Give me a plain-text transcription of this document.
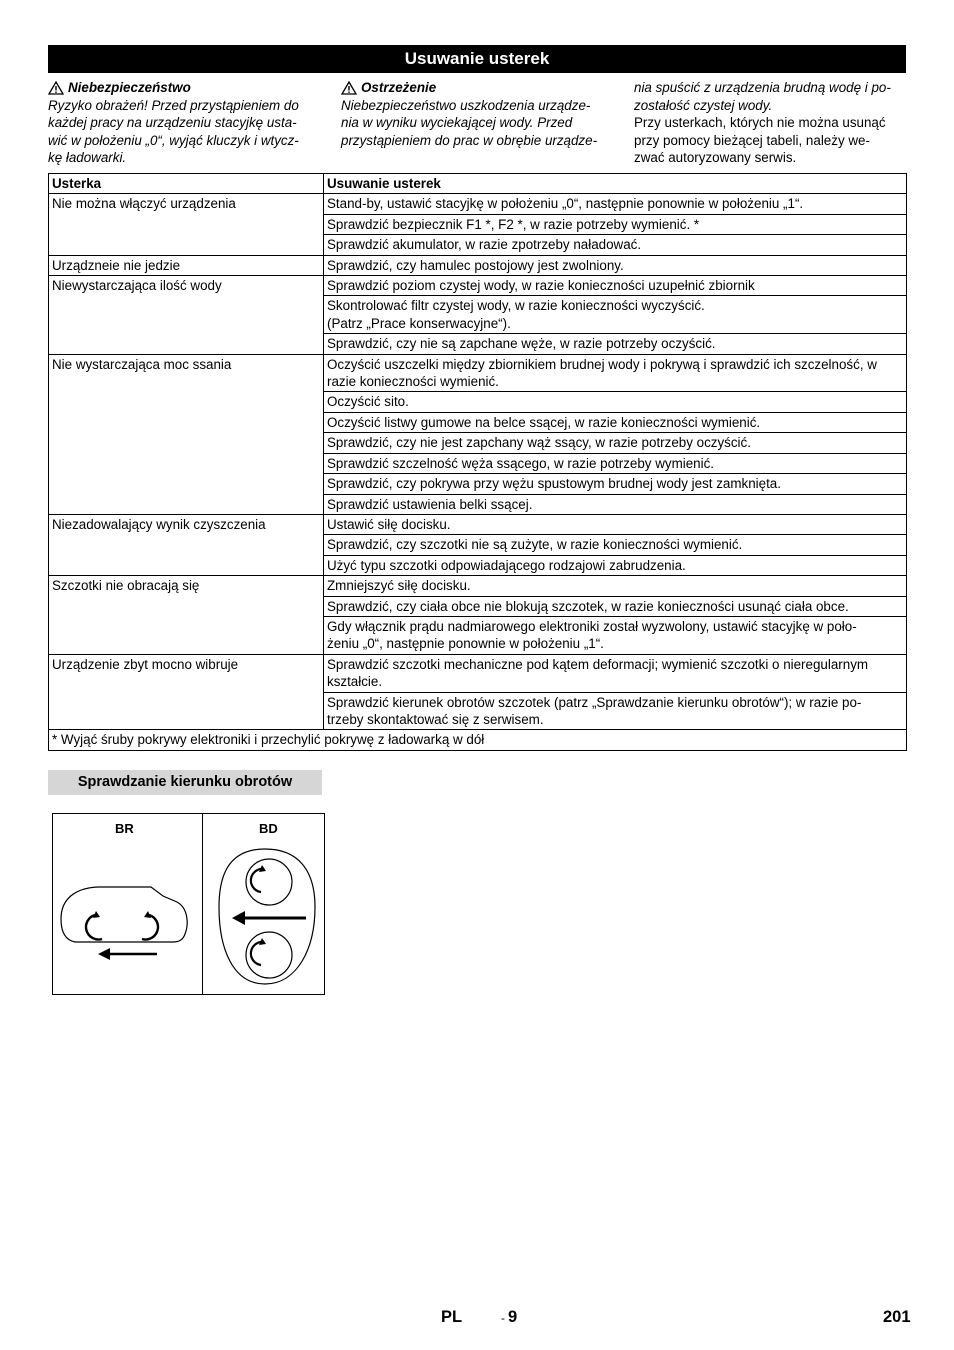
Usuwanie usterek
Niebezpieczeństwo
Ryzyko obrażeń! Przed przystąpieniem do
każdej pracy na urządzeniu stacyjkę usta-
wić w położeniu „0“, wyjąć kluczyk i wtycz-
kę ładowarki.
Ostrzeżenie
Niebezpieczeństwo uszkodzenia urządze-
nia w wyniku wyciekającej wody. Przed
przystąpieniem do prac w obrębie urządze-
nia spuścić z urządzenia brudną wodę i po-
zostałość czystej wody.
Przy usterkach, których nie można usunąć
przy pomocy bieżącej tabeli, należy we-
zwać autoryzowany serwis.
Usterka	Usuwanie usterek
Nie można włączyć urządzenia	Stand-by, ustawić stacyjkę w położeniu „0“, następnie ponownie w położeniu „1“.
	Sprawdzić bezpiecznik F1 *, F2 *, w razie potrzeby wymienić. *
	Sprawdzić akumulator, w razie zpotrzeby naładować.
Urządzneie nie jedzie	Sprawdzić, czy hamulec postojowy jest zwolniony.
Niewystarczająca ilość wody	Sprawdzić poziom czystej wody, w razie konieczności uzupełnić zbiornik
	Skontrolować filtr czystej wody, w razie konieczności wyczyścić.
(Patrz „Prace konserwacyjne“).
	Sprawdzić, czy nie są zapchane węże, w razie potrzeby oczyścić.
Nie wystarczająca moc ssania	Oczyścić uszczelki między zbiornikiem brudnej wody i pokrywą i sprawdzić ich szczelność, w razie konieczności wymienić.
	Oczyścić sito.
	Oczyścić listwy gumowe na belce ssącej, w razie konieczności wymienić.
	Sprawdzić, czy nie jest zapchany wąż ssący, w razie potrzeby oczyścić.
	Sprawdzić szczelność węża ssącego, w razie potrzeby wymienić.
	Sprawdzić, czy pokrywa przy wężu spustowym brudnej wody jest zamknięta.
	Sprawdzić ustawienia belki ssącej.
Niezadowalający wynik czyszczenia	Ustawić siłę docisku.
	Sprawdzić, czy szczotki nie są zużyte, w razie konieczności wymienić.
	Użyć typu szczotki odpowiadającego rodzajowi zabrudzenia.
Szczotki nie obracają się	Zmniejszyć siłę docisku.
	Sprawdzić, czy ciała obce nie blokują szczotek, w razie konieczności usunąć ciała obce.
	Gdy włącznik prądu nadmiarowego elektroniki został wyzwolony, ustawić stacyjkę w poło-
żeniu „0“, następnie ponownie w położeniu „1“.
Urządzenie zbyt mocno wibruje	Sprawdzić szczotki mechaniczne pod kątem deformacji; wymienić szczotki o nieregularnym
kształcie.
	Sprawdzić kierunek obrotów szczotek (patrz „Sprawdzanie kierunku obrotów“); w razie po-
trzeby skontaktować się z serwisem.
* Wyjąć śruby pokrywy elektroniki i przechylić pokrywę z ładowarką w dół	
Sprawdzanie kierunku obrotów
BR	BD
PL	- 9	201
